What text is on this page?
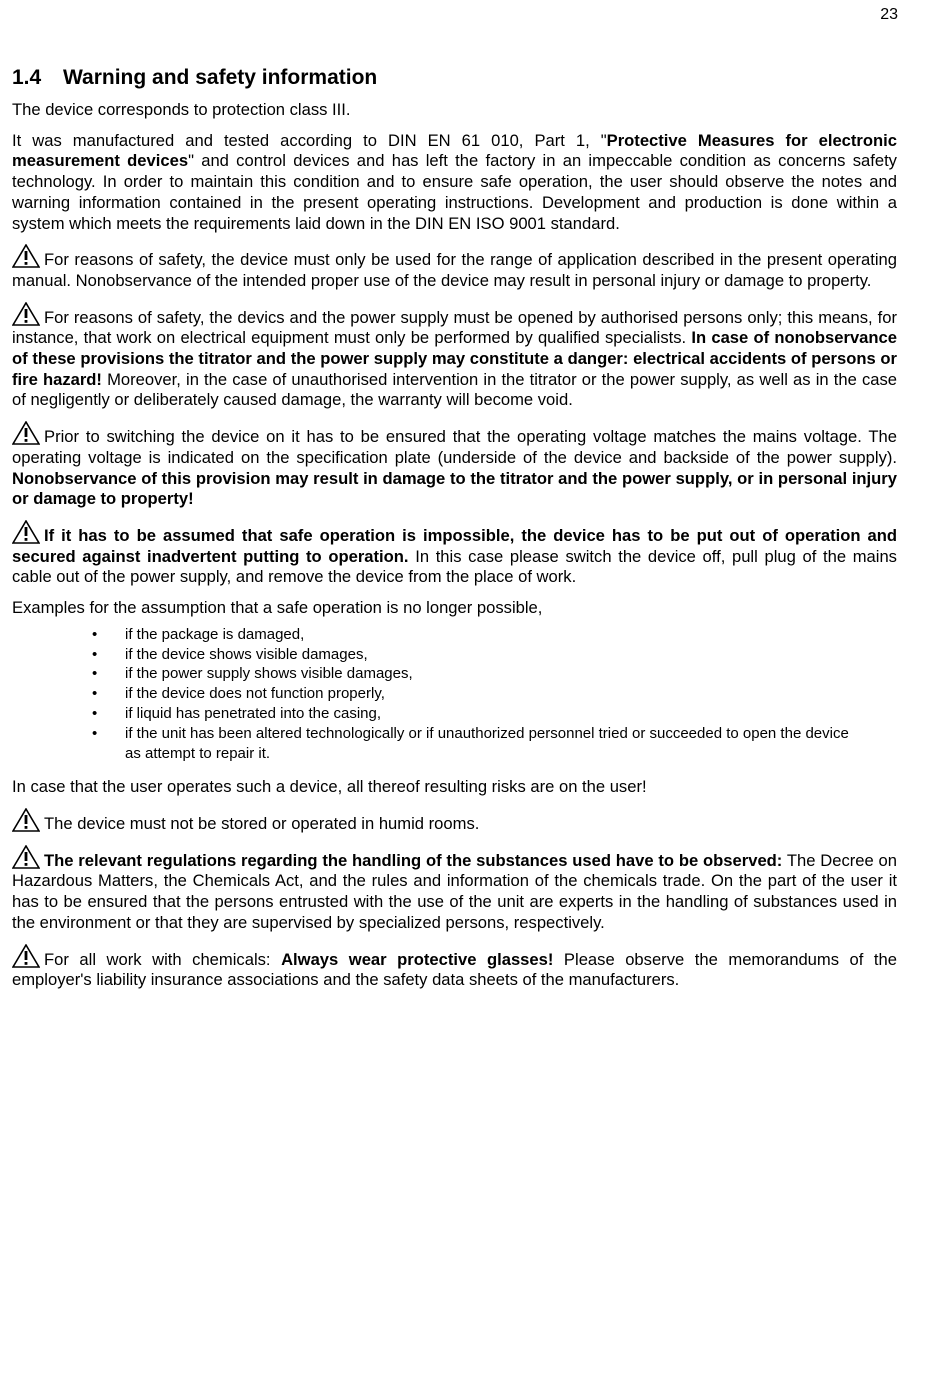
23
1.4	Warning and safety information

The device corresponds to protection class III.

It was manufactured and tested according to DIN EN 61 010, Part 1, "Protective Measures for electronic measurement devices" and control devices and has left the factory in an impeccable condition as concerns safety technology. In order to maintain this condition and to ensure safe operation, the user should observe the notes and warning information contained in the present operating instructions. Development and production is done within a system which meets the requirements laid down in the DIN EN ISO 9001 standard.

For reasons of safety, the device must only be used for the range of application described in the present operating manual. Nonobservance of the intended proper use of the device may result in personal injury or damage to property.

For reasons of safety, the devics and the power supply must be opened by authorised persons only; this means, for instance, that work on electrical equipment must only be performed by qualified specialists. In case of nonobservance of these provisions the titrator and the power supply may constitute a danger: electrical accidents of persons or fire hazard! Moreover, in the case of unauthorised intervention in the titrator or the power supply, as well as in the case of negligently or deliberately caused damage, the warranty will become void.

Prior to switching the device on it has to be ensured that the operating voltage matches the mains voltage. The operating voltage is indicated on the specification plate (underside of the device and backside of the power supply). Nonobservance of this provision may result in damage to the titrator and the power supply, or in personal injury or damage to property!

If it has to be assumed that safe operation is impossible, the device has to be put out of operation and secured against inadvertent putting to operation. In this case please switch the device off, pull plug of the mains cable out of the power supply, and remove the device from the place of work.

Examples for the assumption that a safe operation is no longer possible,

• if the package is damaged,
• if the device shows visible damages,
• if the power supply shows visible damages,
• if the device does not function properly,
• if liquid has penetrated into the casing,
• if the unit has been altered technologically or if unauthorized personnel tried or succeeded to open the device as attempt to repair it.

In case that the user operates such a device, all thereof resulting risks are on the user!

The device must not be stored or operated in humid rooms.

The relevant regulations regarding the handling of the substances used have to be observed: The Decree on Hazardous Matters, the Chemicals Act, and the rules and information of the chemicals trade. On the part of the user it has to be ensured that the persons entrusted with the use of the unit are experts in the handling of substances used in the environment or that they are supervised by specialized persons, respectively.

For all work with chemicals: Always wear protective glasses! Please observe the memorandums of the employer's liability insurance associations and the safety data sheets of the manufacturers.
